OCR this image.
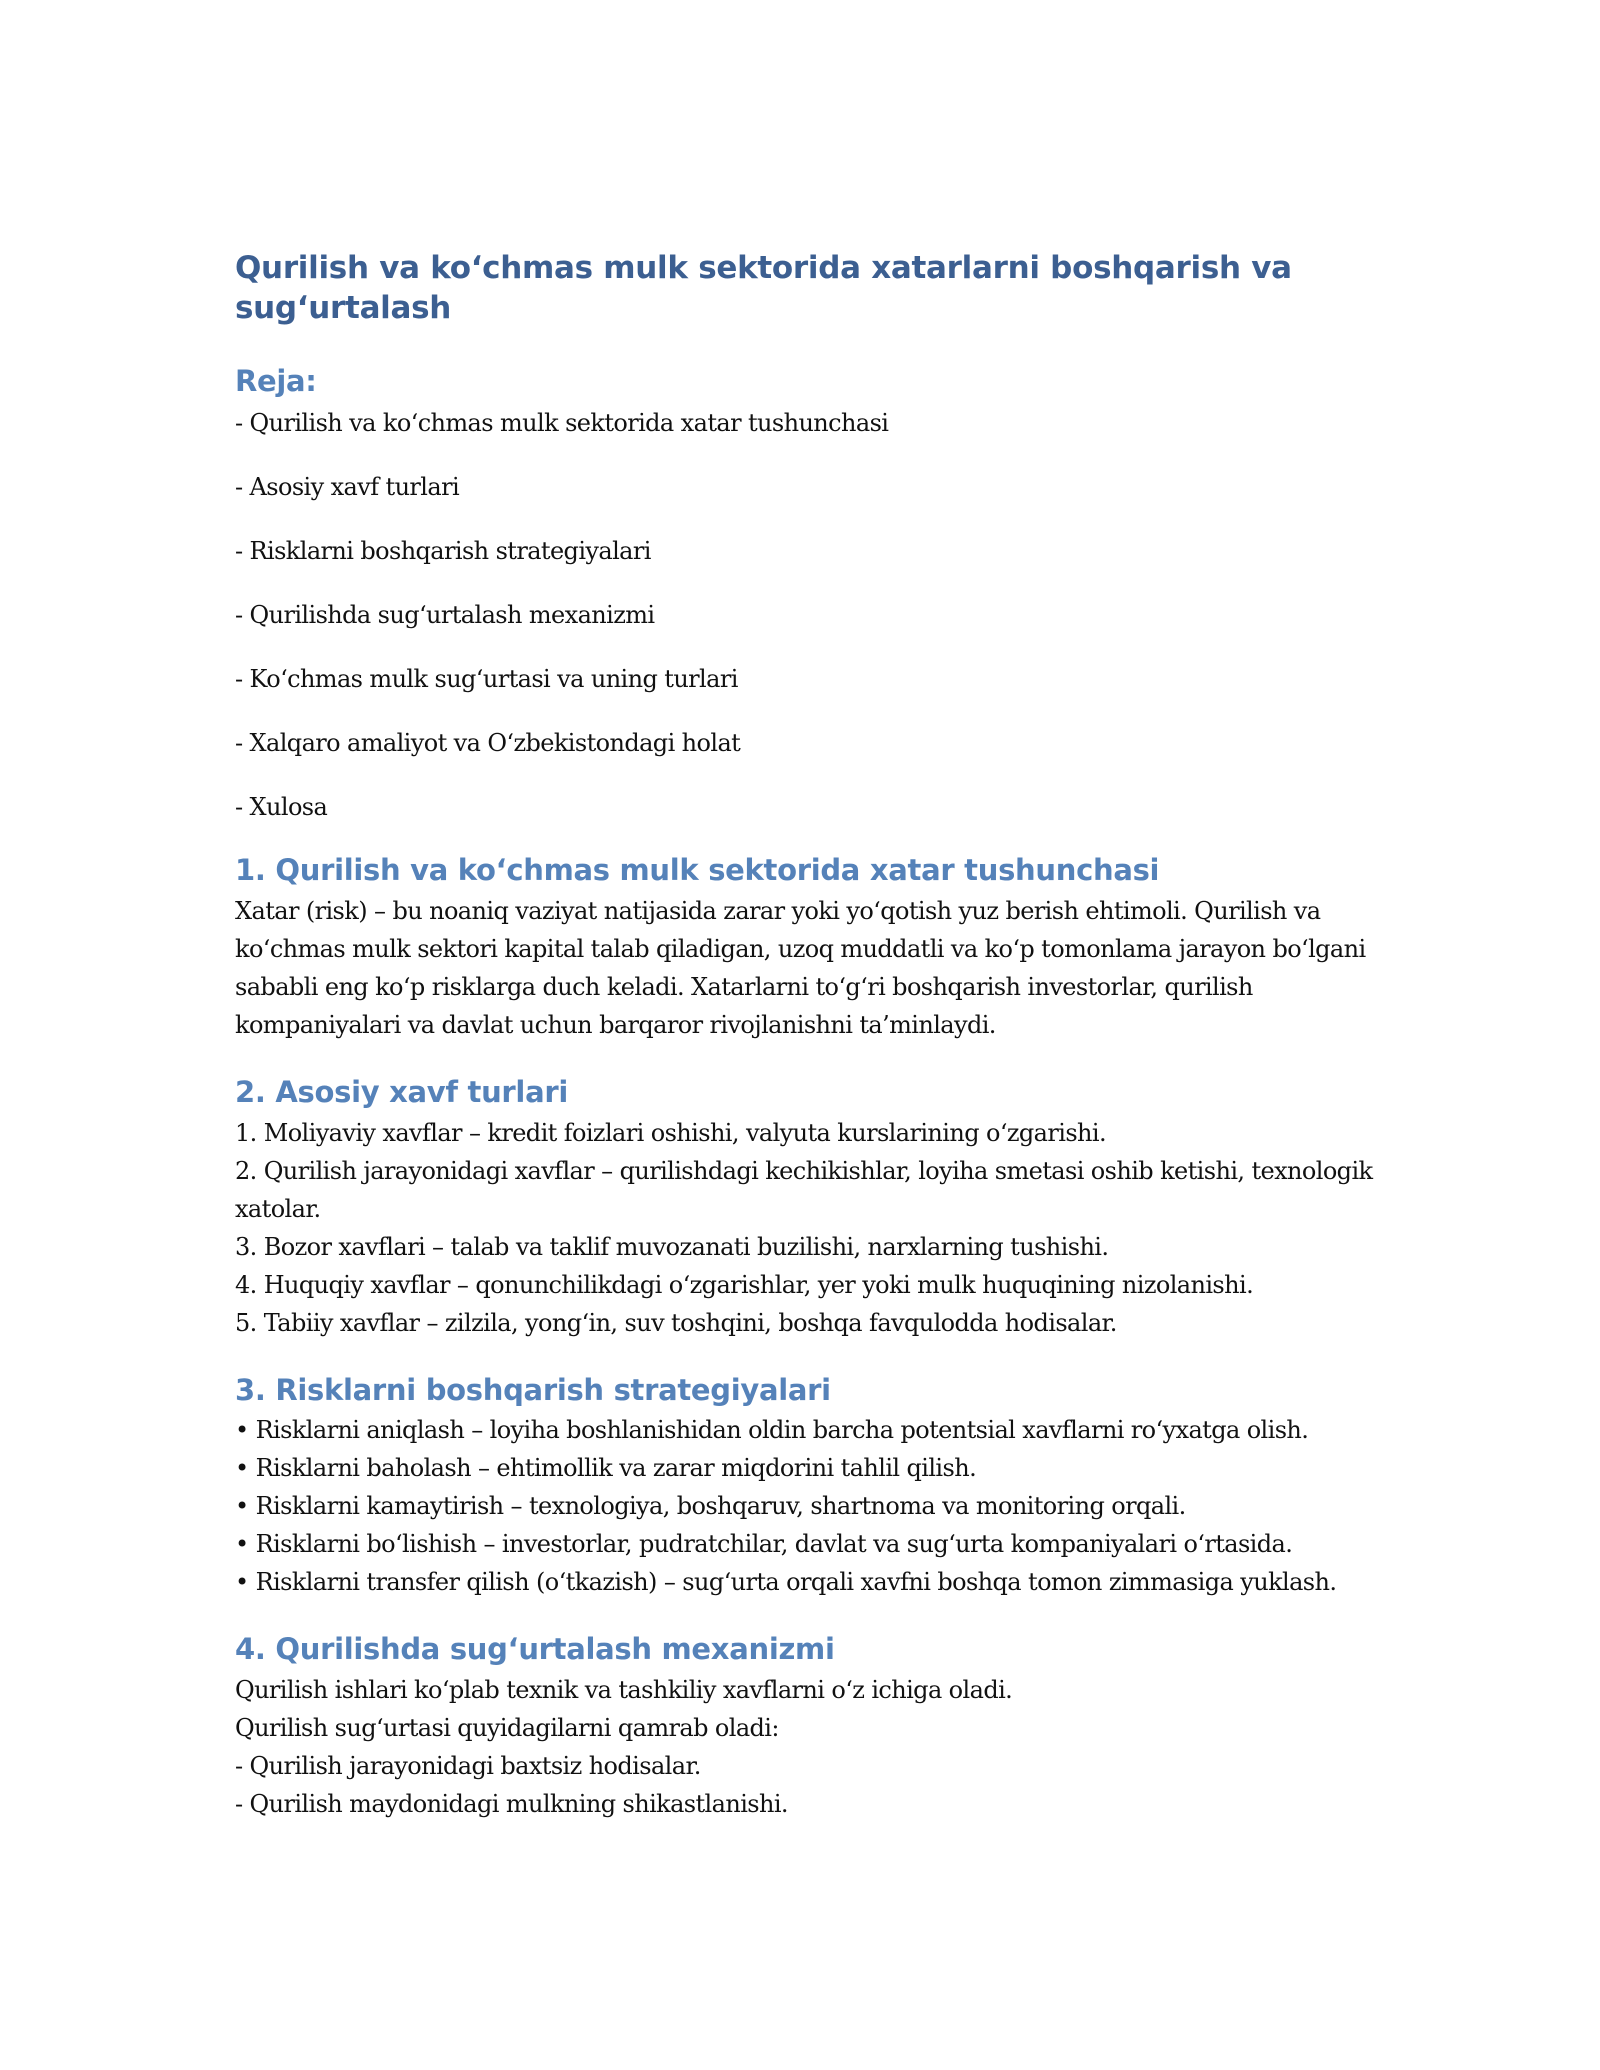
Qurilish va ko‘chmas mulk sektorida xatarlarni boshqarish va sug‘urtalash
Reja:

- Qurilish va ko‘chmas mulk sektorida xatar tushunchasi

- Asosiy xavf turlari

- Risklarni boshqarish strategiyalari

- Qurilishda sug‘urtalash mexanizmi

- Ko‘chmas mulk sug‘urtasi va uning turlari

- Xalqaro amaliyot va O‘zbekistondagi holat

- Xulosa

1. Qurilish va ko‘chmas mulk sektorida xatar tushunchasi

Xatar (risk) – bu noaniq vaziyat natijasida zarar yoki yo‘qotish yuz berish ehtimoli. Qurilish va ko‘chmas mulk sektori kapital talab qiladigan, uzoq muddatli va ko‘p tomonlama jarayon bo‘lgani sababli eng ko‘p risklarga duch keladi. Xatarlarni to‘g‘ri boshqarish investorlar, qurilish kompaniyalari va davlat uchun barqaror rivojlanishni ta’minlaydi.

2. Asosiy xavf turlari
1. Moliyaviy xavflar – kredit foizlari oshishi, valyuta kurslarining o‘zgarishi.
2. Qurilish jarayonidagi xavflar – qurilishdagi kechikishlar, loyiha smetasi oshib ketishi, texnologik xatolar.
3. Bozor xavflari – talab va taklif muvozanati buzilishi, narxlarning tushishi.
4. Huquqiy xavflar – qonunchilikdagi o‘zgarishlar, yer yoki mulk huquqining nizolanishi.
5. Tabiiy xavflar – zilzila, yong‘in, suv toshqini, boshqa favqulodda hodisalar.
3. Risklarni boshqarish strategiyalari
• Risklarni aniqlash – loyiha boshlanishidan oldin barcha potentsial xavflarni ro‘yxatga olish.
• Risklarni baholash – ehtimollik va zarar miqdorini tahlil qilish.
• Risklarni kamaytirish – texnologiya, boshqaruv, shartnoma va monitoring orqali.
• Risklarni bo‘lishish – investorlar, pudratchilar, davlat va sug‘urta kompaniyalari o‘rtasida.
• Risklarni transfer qilish (o‘tkazish) – sug‘urta orqali xavfni boshqa tomon zimmasiga yuklash.
4. Qurilishda sug‘urtalash mexanizmi
Qurilish ishlari ko‘plab texnik va tashkiliy xavflarni o‘z ichiga oladi.
Qurilish sug‘urtasi quyidagilarni qamrab oladi:
- Qurilish jarayonidagi baxtsiz hodisalar.
- Qurilish maydonidagi mulkning shikastlanishi.
